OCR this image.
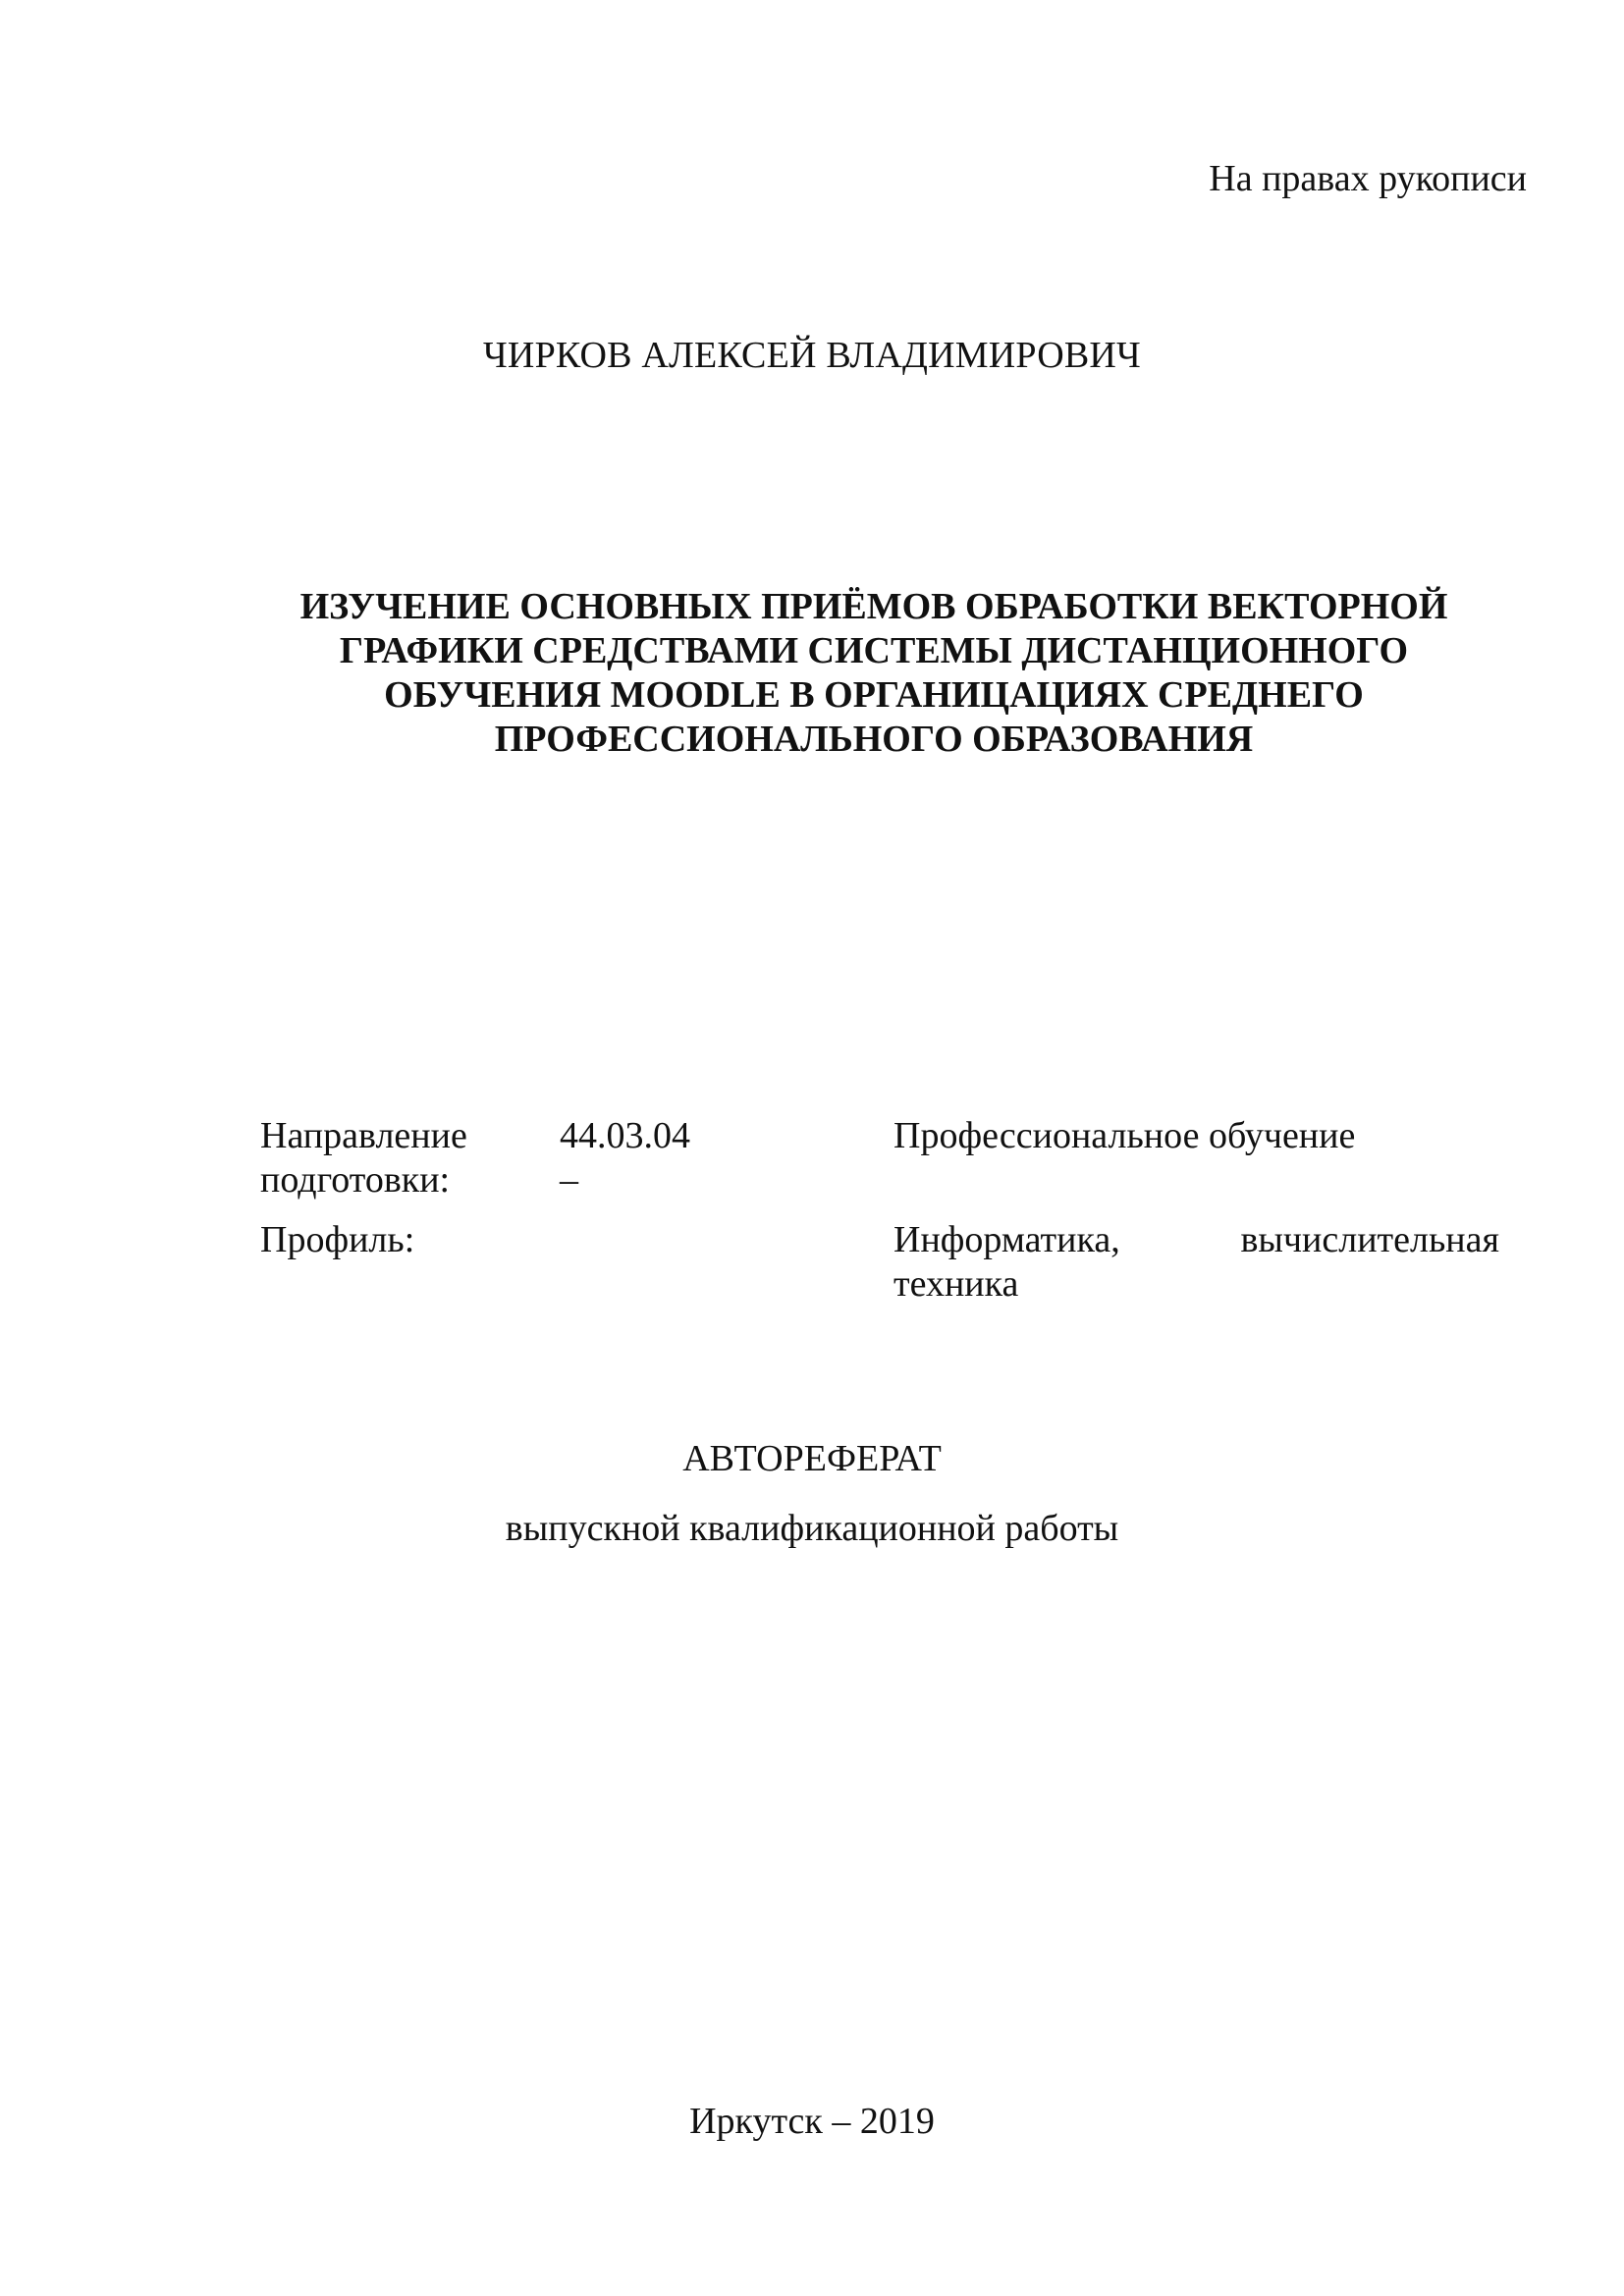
На правах рукописи
ЧИРКОВ АЛЕКСЕЙ ВЛАДИМИРОВИЧ
ИЗУЧЕНИЕ ОСНОВНЫХ ПРИЁМОВ ОБРАБОТКИ ВЕКТОРНОЙ
ГРАФИКИ СРЕДСТВАМИ СИСТЕМЫ ДИСТАНЦИОННОГО
ОБУЧЕНИЯ MOODLE В ОРГАНИЦАЦИЯХ СРЕДНЕГО
ПРОФЕССИОНАЛЬНОГО ОБРАЗОВАНИЯ
Направление
подготовки:
44.03.04
–
Профессиональное обучение
Профиль:	Информатика,	вычислительная
техника
АВТОРЕФЕРАТ
выпускной квалификационной работы
Иркутск – 2019
